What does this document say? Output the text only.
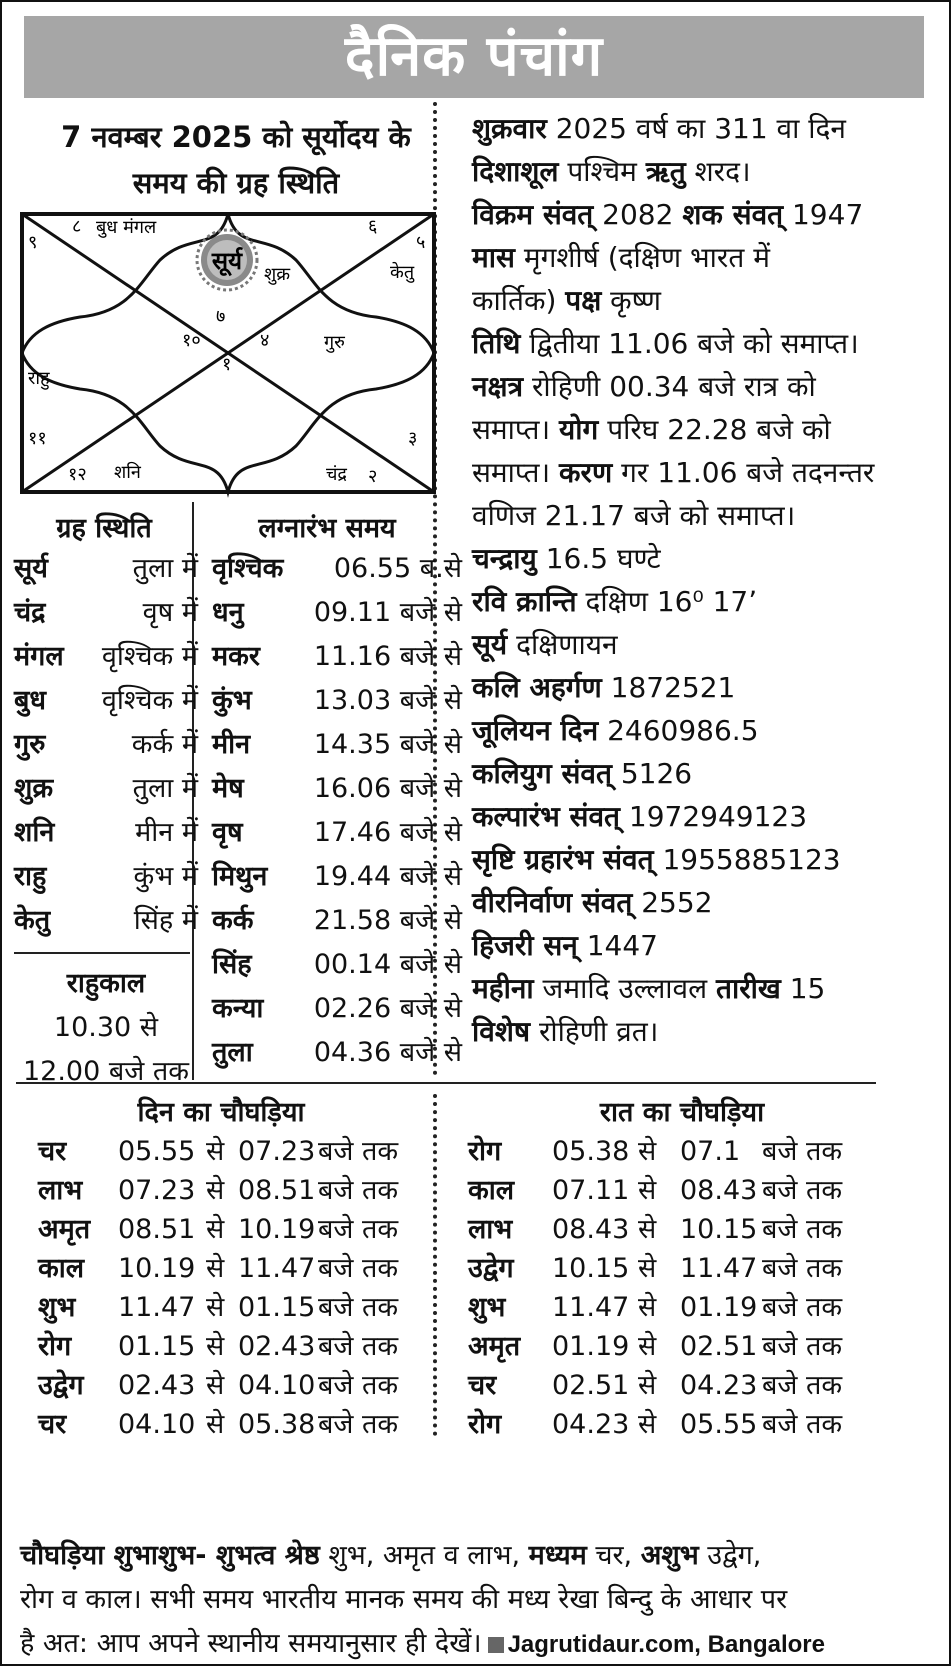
दैनिक पंचांग
7 नवम्बर 2025 को सूर्योदय के
समय की ग्रह स्थिति
सूर्य
८ बुध मंगल
९
६
५
शुक्र	केतु
७
१०	४	गुरु
१
राहु
११	३
१२ शनि	चंद्र २
ग्रह स्थिति	लग्नारंभ समय
सूर्य	तुला में
चंद्र	वृष में
मंगल वृश्चिक में
बुध वृश्चिक में
गुरु	कर्क में
शुक्र	तुला में
शनि	मीन में
राहु	कुंभ में
केतु	सिंह में
राहुकाल
10.30 से
12.00 बजे तक
वृश्चिक 06.55 ब.से
धनु	09.11 बजे से
मकर 11.16 बजे से
कुंभ 13.03 बजे से
मीन 14.35 बजे से
मेष	16.06 बजे से
वृष	17.46 बजे से
मिथुन 19.44 बजे से
कर्क 21.58 बजे से
सिंह 00.14 बजे से
कन्या 02.26 बजे से
तुला 04.36 बजे से
शुक्रवार 2025 वर्ष का 311 वा दिन
दिशाशूल पश्चिम ऋतु शरद।
विक्रम संवत् 2082 शक संवत् 1947
मास मृगशीर्ष (दक्षिण भारत में
कार्तिक) पक्ष कृष्ण
तिथि द्वितीया 11.06 बजे को समाप्त।
नक्षत्र रोहिणी 00.34 बजे रात्र को
समाप्त। योग परिघ 22.28 बजे को
समाप्त। करण गर 11.06 बजे तदनन्तर
वणिज 21.17 बजे को समाप्त।
चन्द्रायु 16.5 घण्टे
रवि क्रान्ति दक्षिण 16⁰ 17ʼ
सूर्य दक्षिणायन
कलि अहर्गण 1872521
जूलियन दिन 2460986.5
कलियुग संवत् 5126
कल्पारंभ संवत् 1972949123
सृष्टि ग्रहारंभ संवत् 1955885123
वीरनिर्वाण संवत् 2552
हिजरी सन् 1447
महीना जमादि उल्लावल तारीख 15
विशेष रोहिणी व्रत।
दिन का चौघड़िया	रात का चौघड़िया
चर 05.55 से 07.23 बजे तक
लाभ 07.23 से 08.51 बजे तक
अमृत 08.51 से 10.19 बजे तक
काल 10.19 से 11.47 बजे तक
शुभ 11.47 से 01.15 बजे तक
रोग 01.15 से 02.43 बजे तक
उद्वेग 02.43 से 04.10 बजे तक
चर 04.10 से 05.38 बजे तक
रोग 05.38 से 07.1 बजे तक
काल 07.11 से 08.43 बजे तक
लाभ 08.43 से 10.15 बजे तक
उद्वेग 10.15 से 11.47 बजे तक
शुभ 11.47 से 01.19 बजे तक
अमृत 01.19 से 02.51 बजे तक
चर 02.51 से 04.23 बजे तक
रोग 04.23 से 05.55 बजे तक
चौघड़िया शुभाशुभ- शुभत्व श्रेष्ठ शुभ, अमृत व लाभ, मध्यम चर, अशुभ उद्वेग,
रोग व काल। सभी समय भारतीय मानक समय की मध्य रेखा बिन्दु के आधार पर
है अत: आप अपने स्थानीय समयानुसार ही देखें। Jagrutidaur.com, Bangalore
